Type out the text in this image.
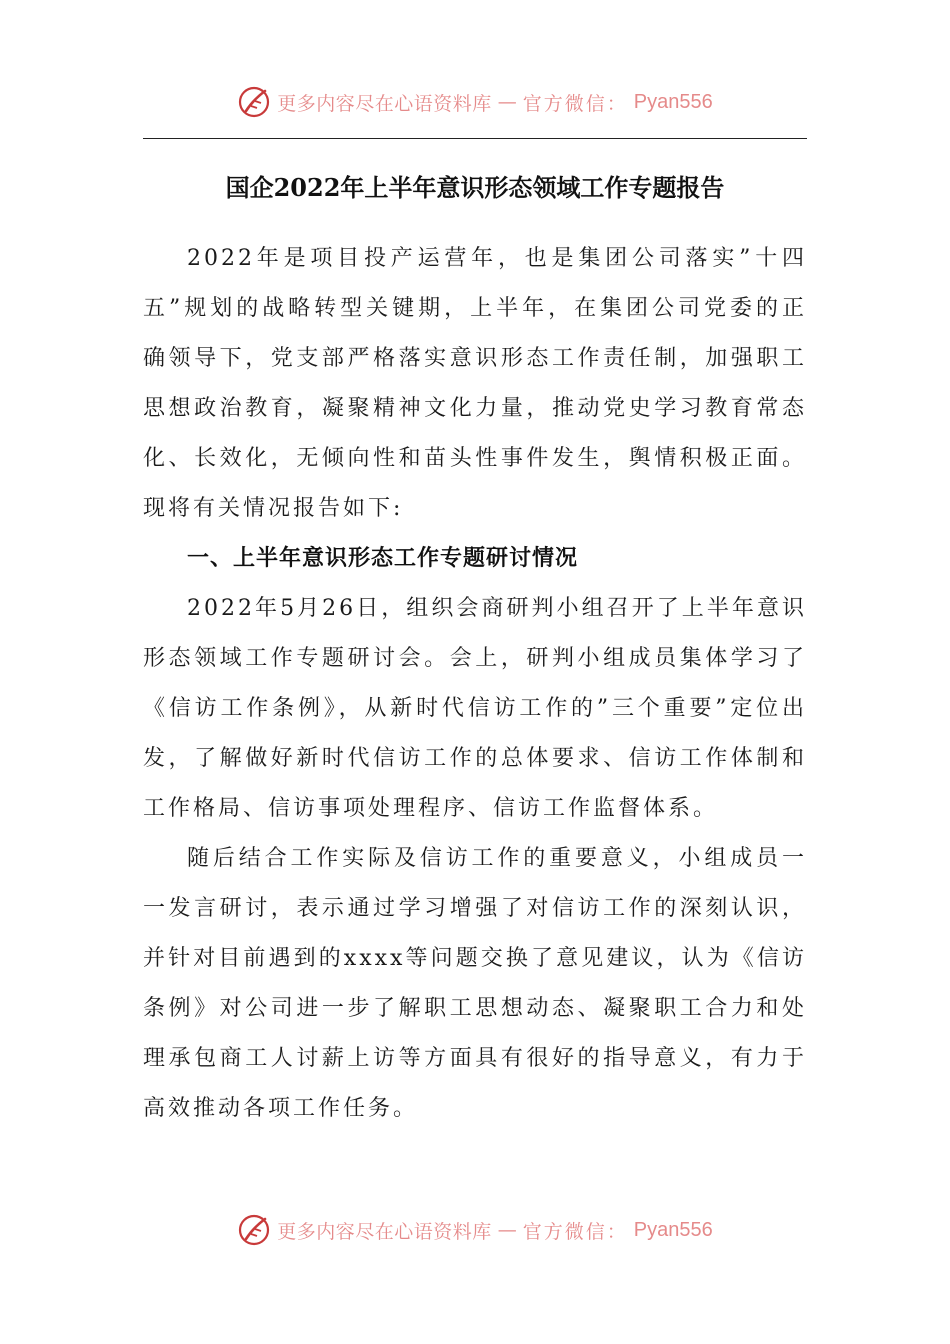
更多内容尽在心语资料库 — 官方微信： Pyan556
国企2022年上半年意识形态领域工作专题报告

2022年是项目投产运营年，也是集团公司落实”十四五”规划的战略转型关键期，上半年，在集团公司党委的正确领导下，党支部严格落实意识形态工作责任制，加强职工思想政治教育，凝聚精神文化力量，推动党史学习教育常态化、长效化，无倾向性和苗头性事件发生，舆情积极正面。现将有关情况报告如下:

一、上半年意识形态工作专题研讨情况

2022年5月26日，组织会商研判小组召开了上半年意识形态领域工作专题研讨会。会上，研判小组成员集体学习了《信访工作条例》，从新时代信访工作的”三个重要”定位出发，了解做好新时代信访工作的总体要求、信访工作体制和工作格局、信访事项处理程序、信访工作监督体系。

随后结合工作实际及信访工作的重要意义，小组成员一一发言研讨，表示通过学习增强了对信访工作的深刻认识，并针对目前遇到的xxxx等问题交换了意见建议，认为《信访条例》对公司进一步了解职工思想动态、凝聚职工合力和处理承包商工人讨薪上访等方面具有很好的指导意义，有力于高效推动各项工作任务。

更多内容尽在心语资料库 — 官方微信： Pyan556
